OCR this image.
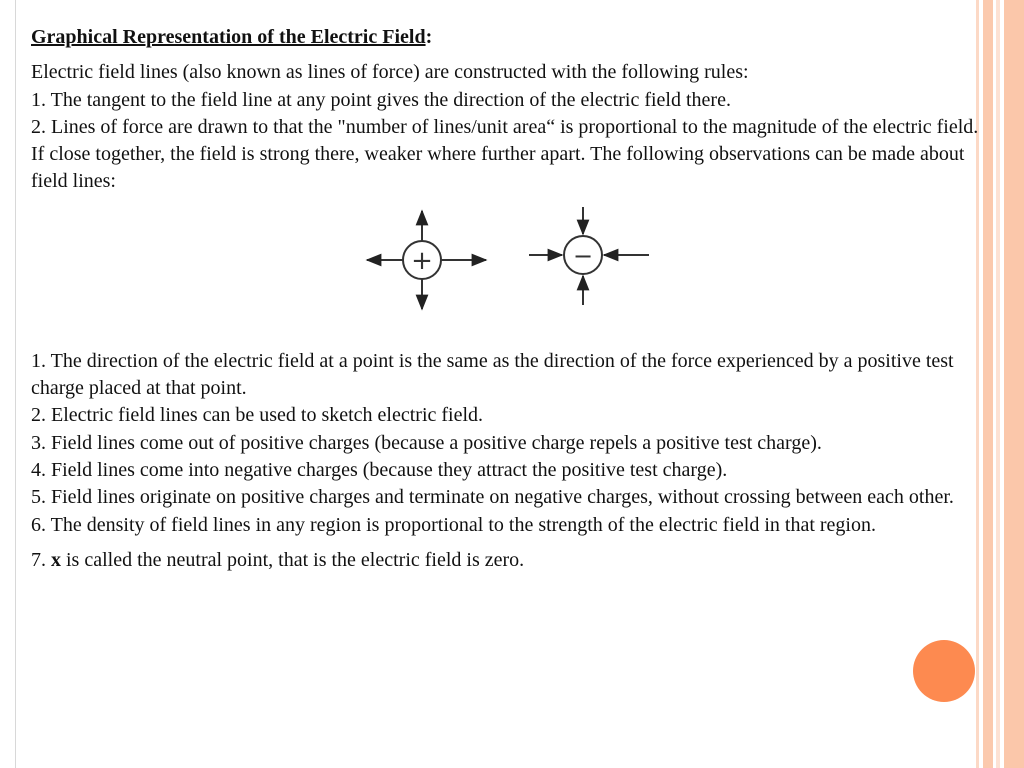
Graphical Representation of the Electric Field:

Electric field lines (also known as lines of force) are constructed with the following rules:

1. The tangent to the field line at any point gives the direction of the electric field there.

2. Lines of force are drawn to that the "number of lines/unit area“ is proportional to the magnitude of the electric field. If close together, the field is strong there, weaker where further apart. The following observations can be made about field lines:

+	−

1. The direction of the electric field at a point is the same as the direction of the force experienced by a positive test charge placed at that point.

2. Electric field lines can be used to sketch electric field.

3. Field lines come out of positive charges (because a positive charge repels a positive test charge).

4. Field lines come into negative charges (because they attract the positive test charge).

5. Field lines originate on positive charges and terminate on negative charges, without crossing between each other.

6. The density of field lines in any region is proportional to the strength of the electric field in that region.

7. x is called the neutral point, that is the electric field is zero.
